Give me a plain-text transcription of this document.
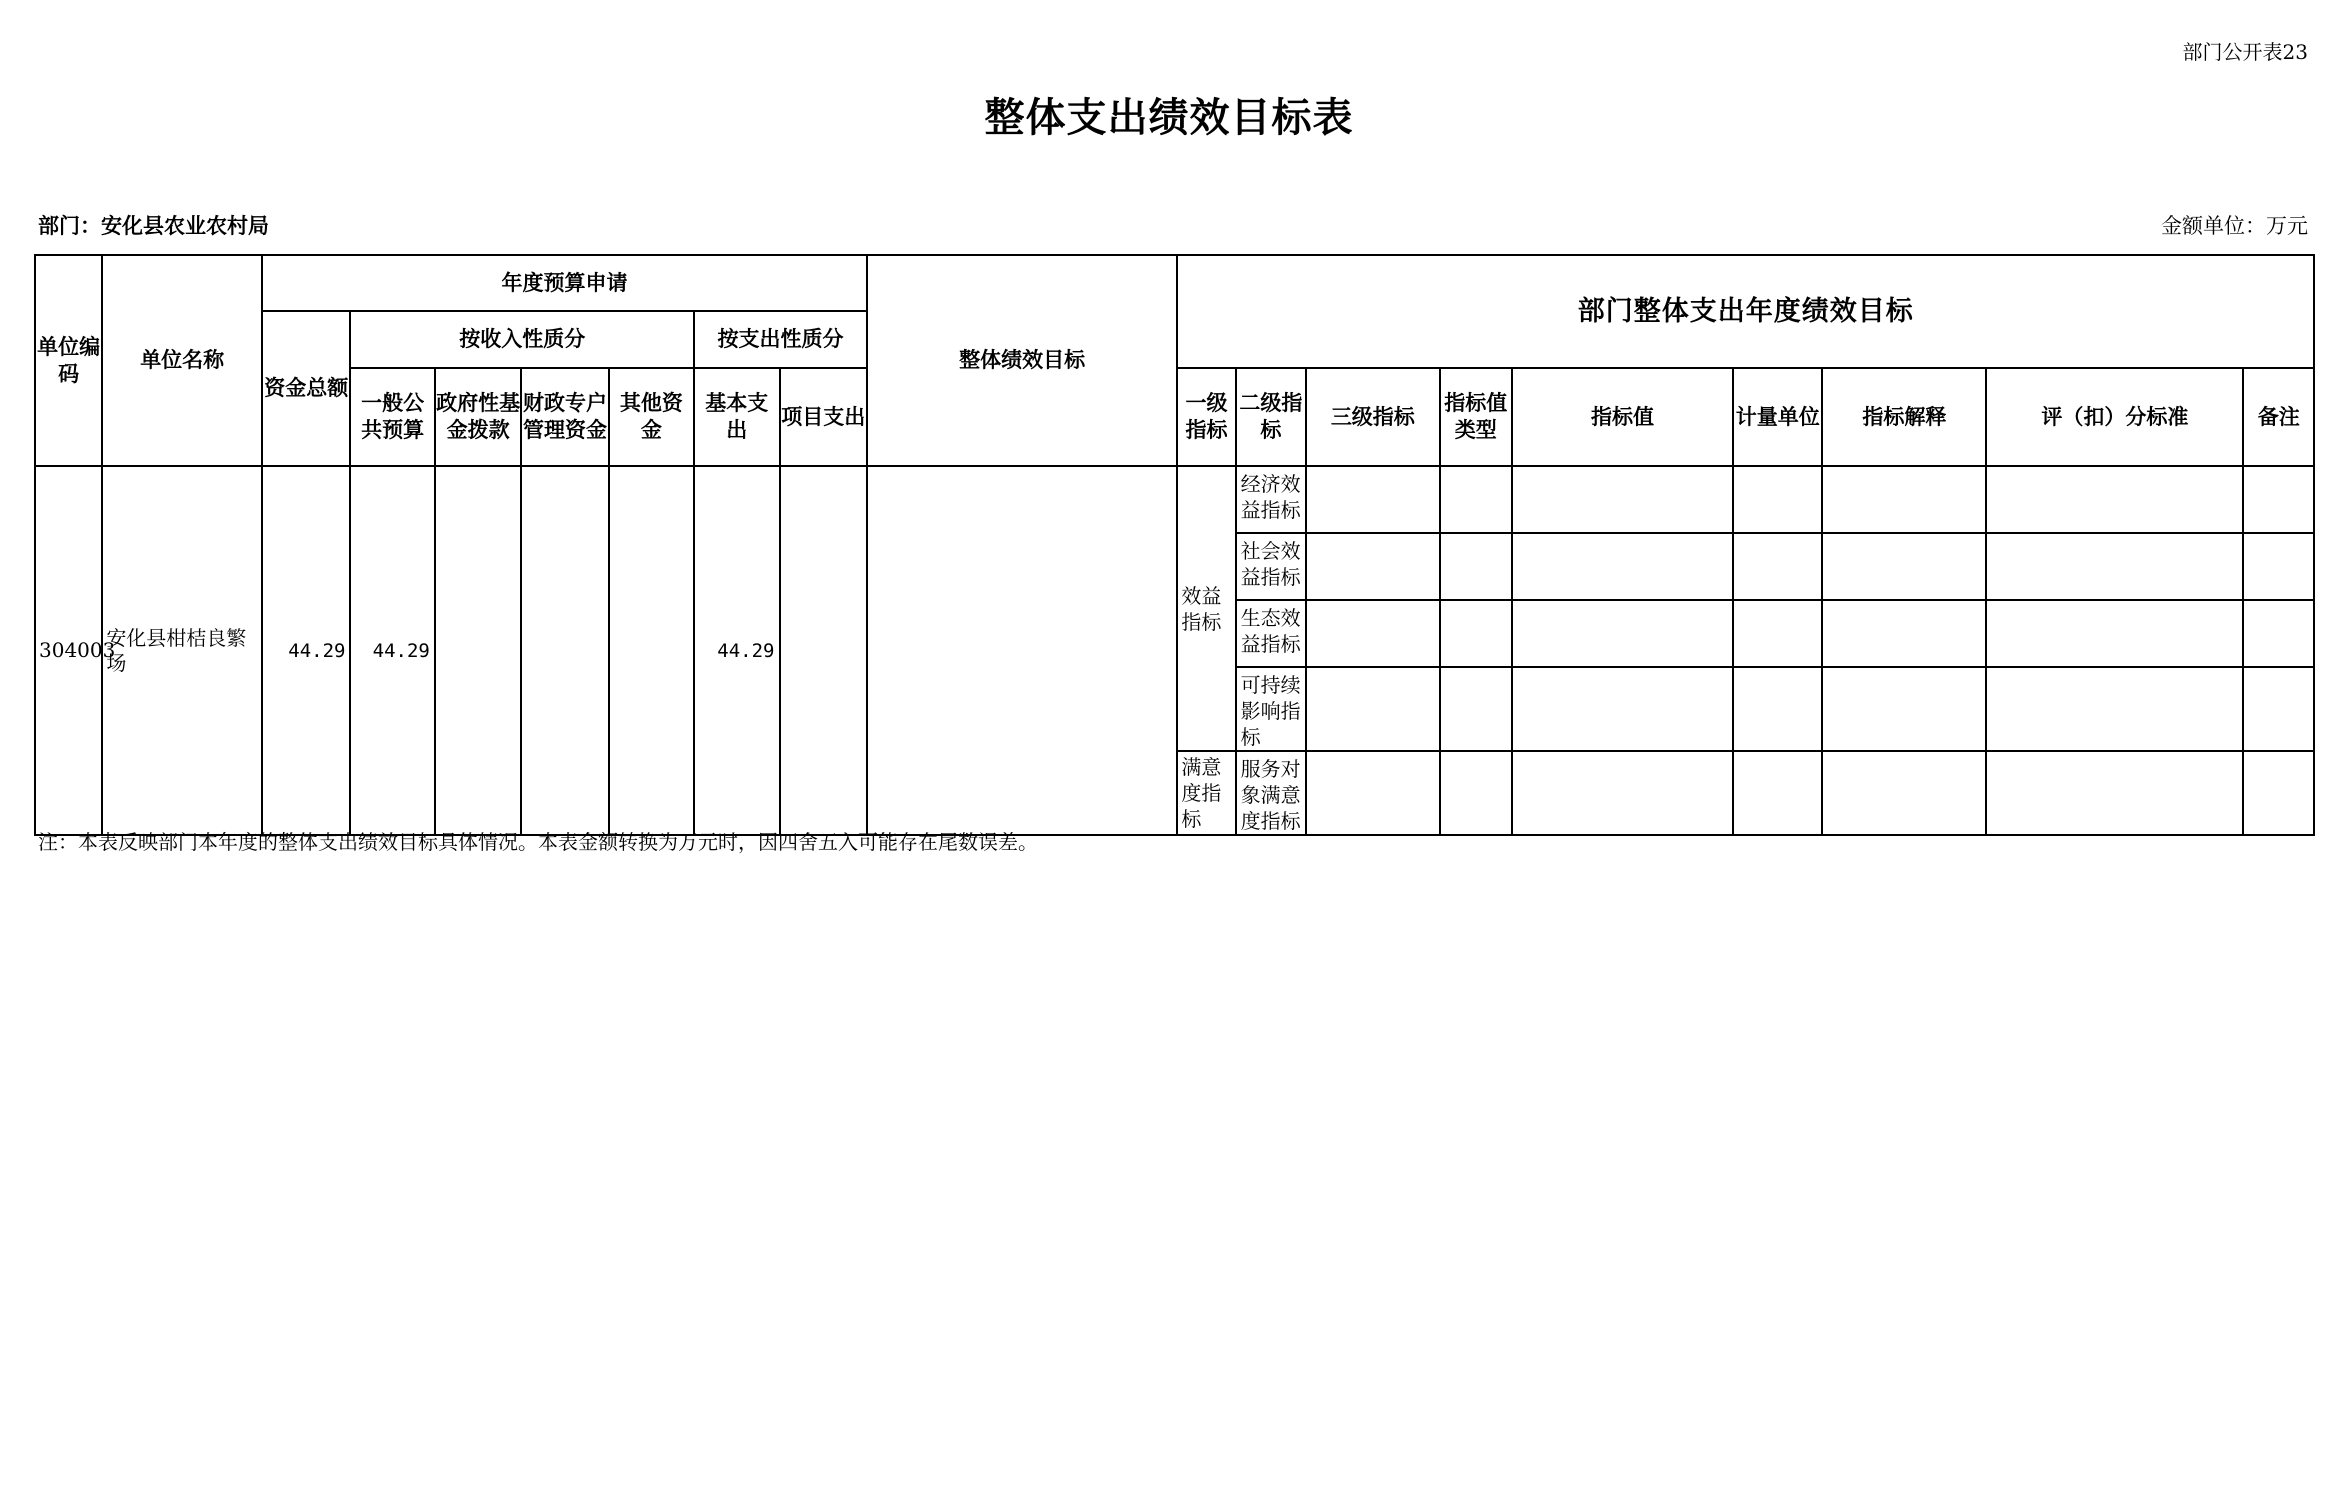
部门公开表23
整体支出绩效目标表
部门：安化县农业农村局	金额单位：万元
单位编码	单位名称	年度预算申请							整体绩效目标	部门整体支出年度绩效目标								
		资金总额	按收入性质分				按支出性质分											
			一般公共预算	政府性基金拨款	财政专户管理资金	其他资金	基本支出	项目支出		一级指标	二级指标	三级指标	指标值类型	指标值	计量单位	指标解释	评（扣）分标准	备注
304003	安化县柑桔良繁场	44.29	44.29				44.29			效益指标	经济效益指标							
											社会效益指标							
											生态效益指标							
											可持续影响指标							
										满意度指标	服务对象满意度指标							
注：本表反映部门本年度的整体支出绩效目标具体情况。本表金额转换为万元时，因四舍五入可能存在尾数误差。
